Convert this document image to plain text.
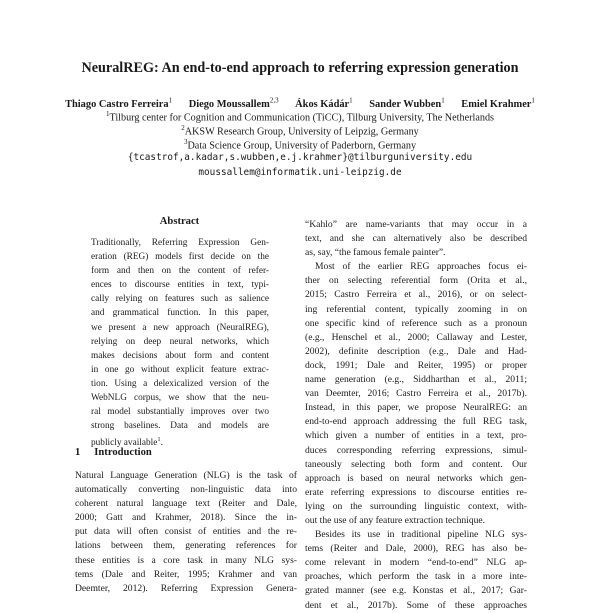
NeuralREG: An end-to-end approach to referring expression generation
Thiago Castro Ferreira$^1$ Diego Moussallem$^{2,3}$ Ákos Kádár$^1$ Sander Wubben$^1$ Emiel Krahmer$^1$
$^1$Tilburg center for Cognition and Communication (TiCC), Tilburg University, The Netherlands
$^2$AKSW Research Group, University of Leipzig, Germany
$^3$Data Science Group, University of Paderborn, Germany
{tcastrof,a.kadar,s.wubben,e.j.krahmer}@tilburguniversity.edu
moussallem@informatik.uni-leipzig.de
Abstract
Traditionally, Referring Expression Gen-
eration (REG) models first decide on the
form and then on the content of refer-
ences to discourse entities in text, typi-
cally relying on features such as salience
and grammatical function. In this paper,
we present a new approach (NeuralREG),
relying on deep neural networks, which
makes decisions about form and content
in one go without explicit feature extrac-
tion. Using a delexicalized version of the
WebNLG corpus, we show that the neu-
ral model substantially improves over two
strong baselines. Data and models are
publicly available$^1$.
1 Introduction
Natural Language Generation (NLG) is the task of
automatically converting non-linguistic data into
coherent natural language text (Reiter and Dale,
2000; Gatt and Krahmer, 2018). Since the in-
put data will often consist of entities and the re-
lations between them, generating references for
these entities is a core task in many NLG sys-
tems (Dale and Reiter, 1995; Krahmer and van
Deemter, 2012). Referring Expression Genera-
“Kahlo” are name-variants that may occur in a
text, and she can alternatively also be described
as, say, “the famous female painter”.
Most of the earlier REG approaches focus ei-
ther on selecting referential form (Orita et al.,
2015; Castro Ferreira et al., 2016), or on select-
ing referential content, typically zooming in on
one specific kind of reference such as a pronoun
(e.g., Henschel et al., 2000; Callaway and Lester,
2002), definite description (e.g., Dale and Had-
dock, 1991; Dale and Reiter, 1995) or proper
name generation (e.g., Siddharthan et al., 2011;
van Deemter, 2016; Castro Ferreira et al., 2017b).
Instead, in this paper, we propose NeuralREG: an
end-to-end approach addressing the full REG task,
which given a number of entities in a text, pro-
duces corresponding referring expressions, simul-
taneously selecting both form and content. Our
approach is based on neural networks which gen-
erate referring expressions to discourse entities re-
lying on the surrounding linguistic context, with-
out the use of any feature extraction technique.
Besides its use in traditional pipeline NLG sys-
tems (Reiter and Dale, 2000), REG has also be-
come relevant in modern “end-to-end” NLG ap-
proaches, which perform the task in a more inte-
grated manner (see e.g. Konstas et al., 2017; Gar-
dent et al., 2017b). Some of these approaches
